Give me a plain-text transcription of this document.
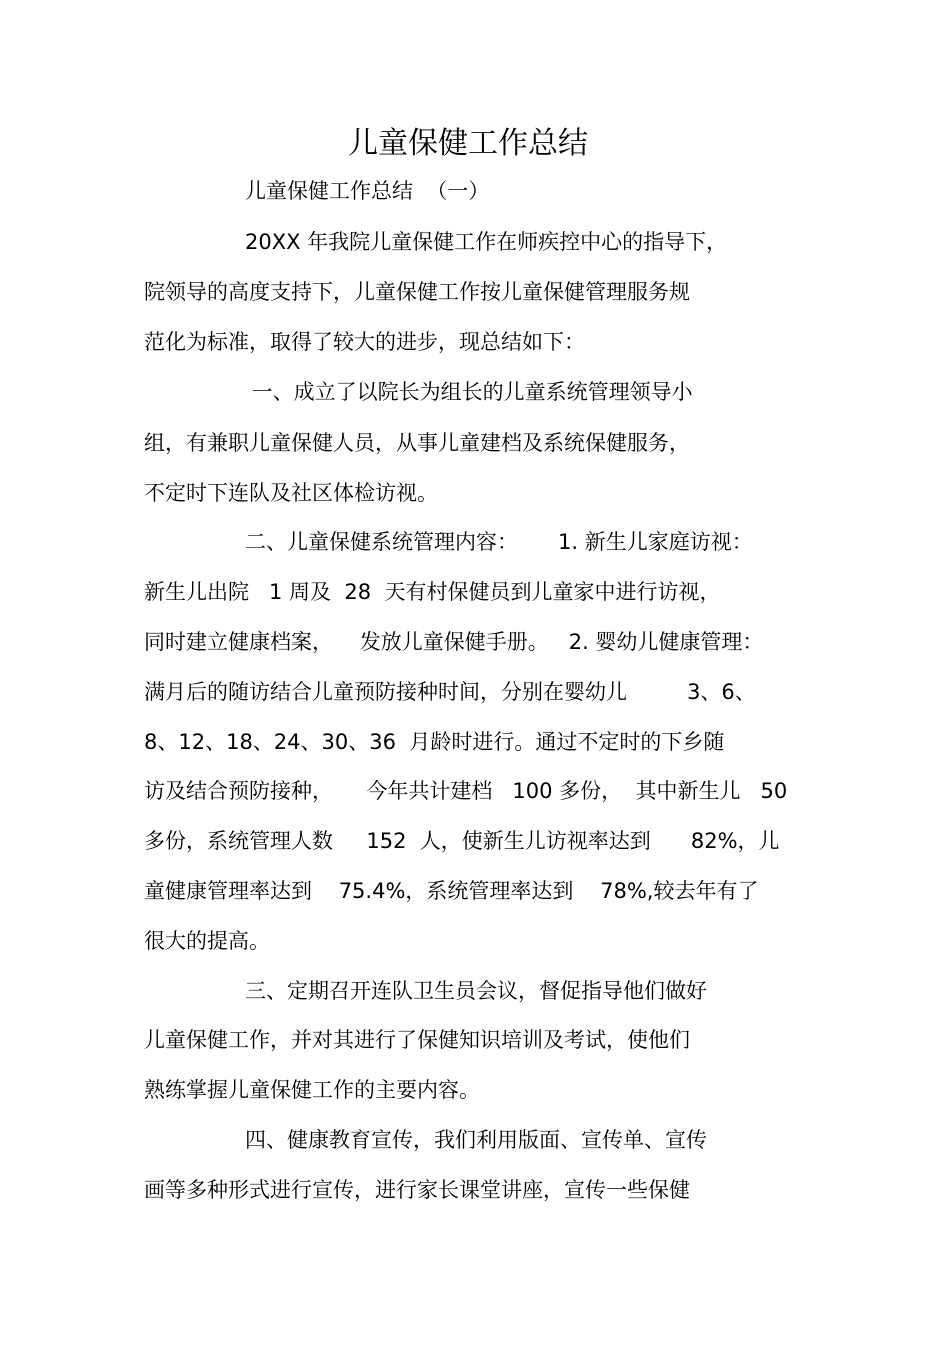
儿童保健工作总结
儿童保健工作总结  （一）
20XX 年我院儿童保健工作在师疾控中心的指导下，
院领导的高度支持下，儿童保健工作按儿童保健管理服务规
范化为标准，取得了较大的进步，现总结如下：
一、成立了以院长为组长的儿童系统管理领导小
组，有兼职儿童保健人员，从事儿童建档及系统保健服务，
不定时下连队及社区体检访视。
二、儿童保健系统管理内容：      1. 新生儿家庭访视：
新生儿出院   1 周及  28  天有村保健员到儿童家中进行访视，
同时建立健康档案，    发放儿童保健手册。   2. 婴幼儿健康管理：
满月后的随访结合儿童预防接种时间，分别在婴幼儿         3、6、
8、12、18、24、30、36  月龄时进行。通过不定时的下乡随
访及结合预防接种，     今年共计建档   100 多份，  其中新生儿   50
多份，系统管理人数     152  人，使新生儿访视率达到      82%，儿
童健康管理率达到    75.4%，系统管理率达到    78%,较去年有了
很大的提高。
三、定期召开连队卫生员会议，督促指导他们做好
儿童保健工作，并对其进行了保健知识培训及考试，使他们
熟练掌握儿童保健工作的主要内容。
四、健康教育宣传，我们利用版面、宣传单、宣传
画等多种形式进行宣传，进行家长课堂讲座，宣传一些保健
